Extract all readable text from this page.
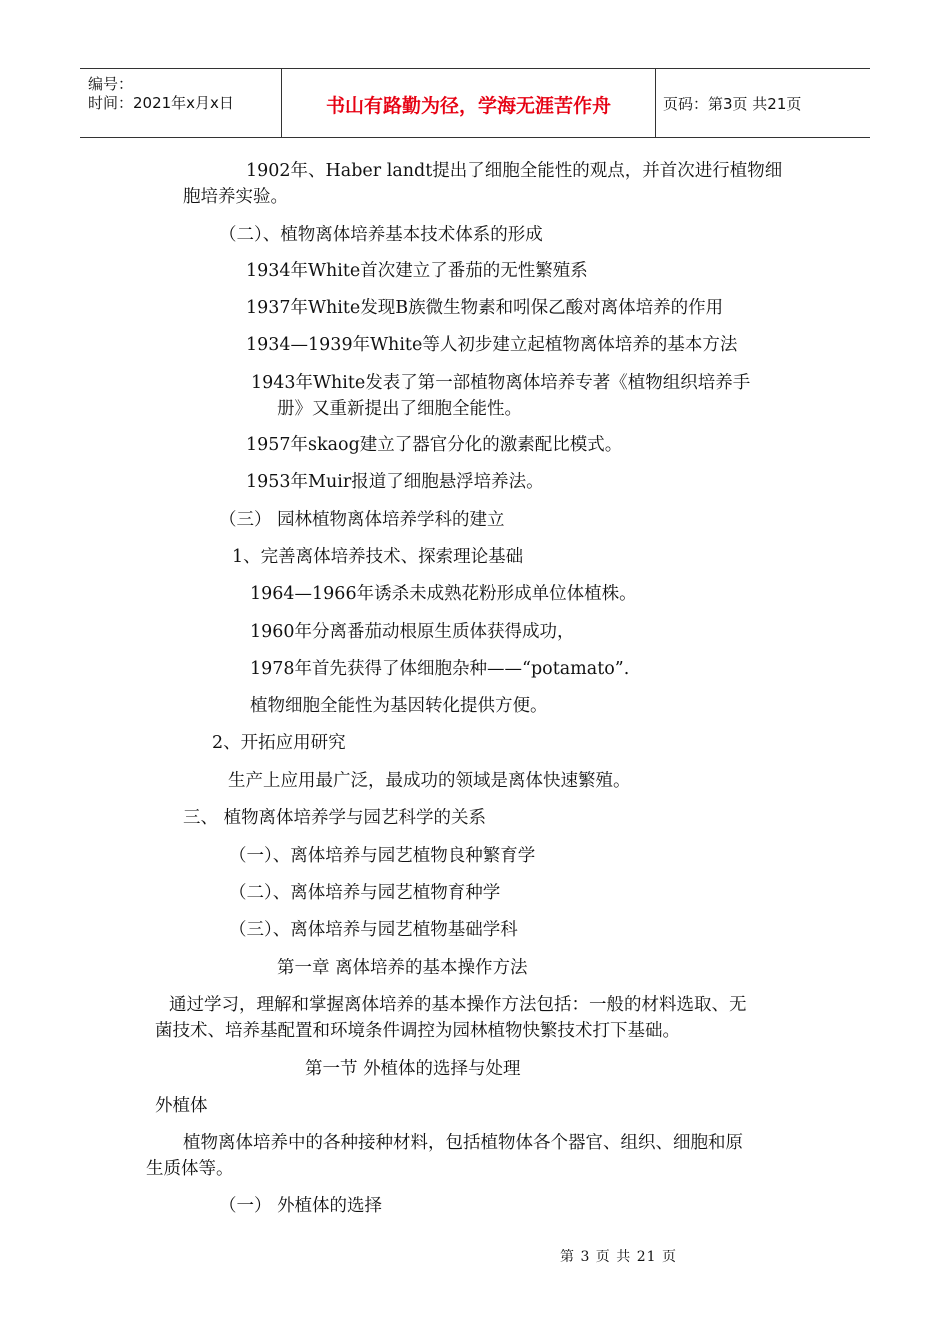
编号：
时间：2021年x月x日	书山有路勤为径，学海无涯苦作舟	页码：第3页 共21页
1902年、Haber landt提出了细胞全能性的观点，并首次进行植物细
胞培养实验。
（二）、植物离体培养基本技术体系的形成
1934年White首次建立了番茄的无性繁殖系
1937年White发现B族微生物素和吲保乙酸对离体培养的作用
1934—1939年White等人初步建立起植物离体培养的基本方法
1943年White发表了第一部植物离体培养专著《植物组织培养手
册》又重新提出了细胞全能性。
1957年skaog建立了器官分化的激素配比模式。
1953年Muir报道了细胞悬浮培养法。
（三） 园林植物离体培养学科的建立
1、完善离体培养技术、探索理论基础
1964—1966年诱杀未成熟花粉形成单位体植株。
1960年分离番茄动根原生质体获得成功，
1978年首先获得了体细胞杂种——“potamato”.
植物细胞全能性为基因转化提供方便。
2、开拓应用研究
生产上应用最广泛，最成功的领域是离体快速繁殖。
三、 植物离体培养学与园艺科学的关系
（一）、离体培养与园艺植物良种繁育学
（二）、离体培养与园艺植物育种学
（三）、离体培养与园艺植物基础学科
第一章 离体培养的基本操作方法
通过学习，理解和掌握离体培养的基本操作方法包括：一般的材料选取、无
菌技术、培养基配置和环境条件调控为园林植物快繁技术打下基础。
第一节 外植体的选择与处理
外植体
植物离体培养中的各种接种材料，包括植物体各个器官、组织、细胞和原
生质体等。
（一） 外植体的选择
第 3 页 共 21 页
